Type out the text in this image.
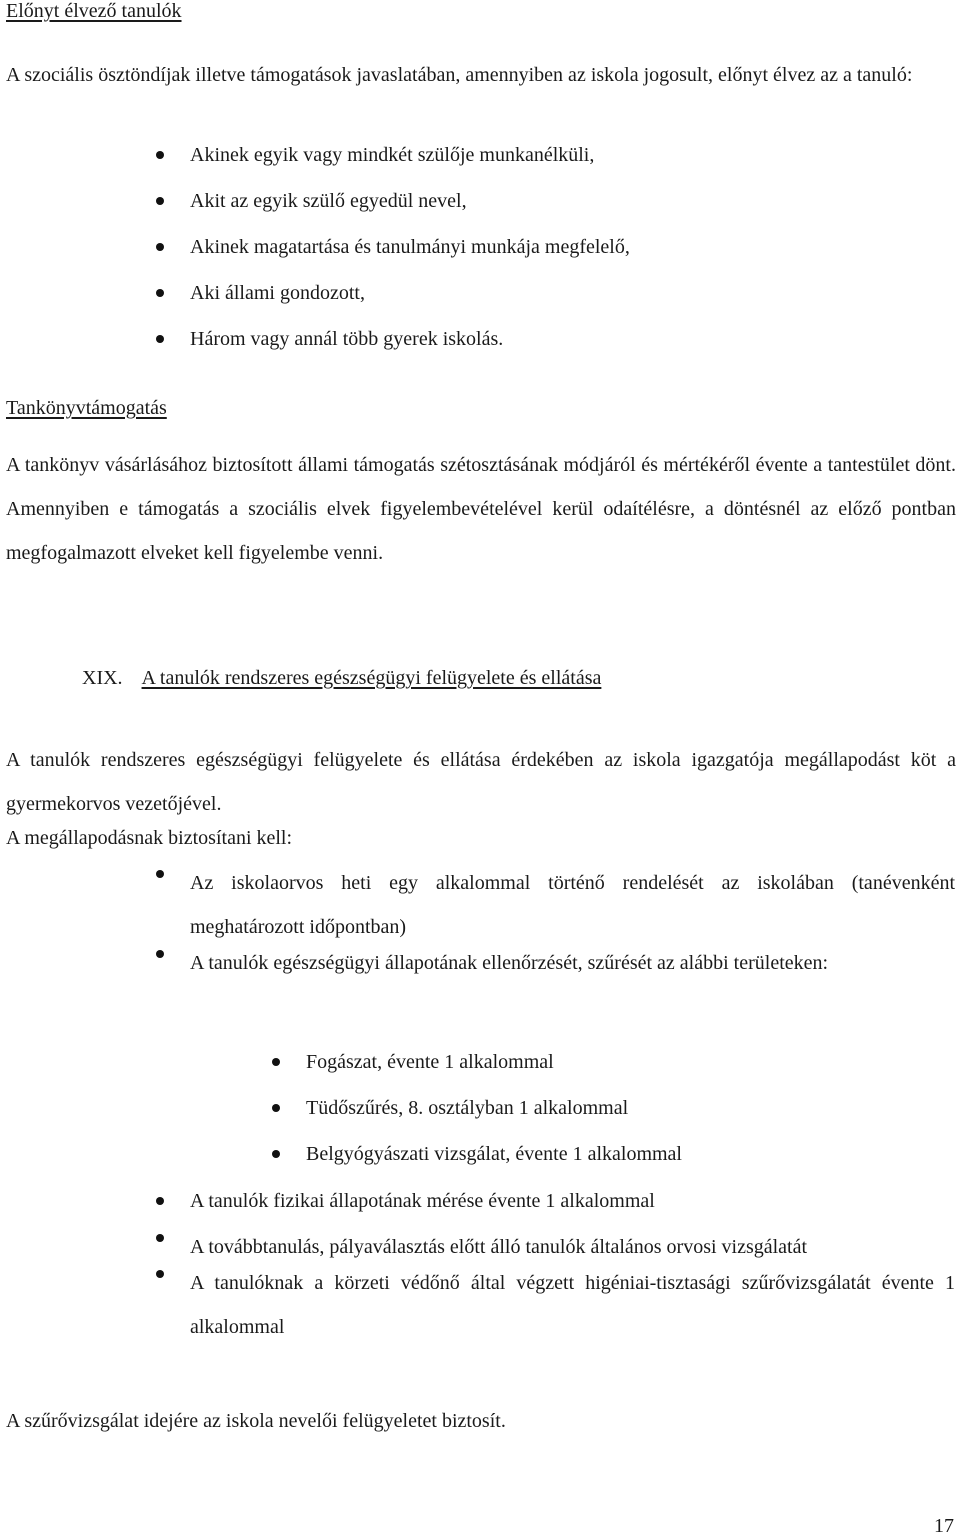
Előnyt élvező tanulók

A szociális ösztöndíjak illetve támogatások javaslatában, amennyiben az iskola jogosult, előnyt élvez az a tanuló:

Akinek egyik vagy mindkét szülője munkanélküli,
Akit az egyik szülő egyedül nevel,
Akinek magatartása és tanulmányi munkája megfelelő,
Aki állami gondozott,
Három vagy annál több gyerek iskolás.
Tankönyvtámogatás

A tankönyv vásárlásához biztosított állami támogatás szétosztásának módjáról és mértékéről évente a tantestület dönt. Amennyiben e támogatás a szociális elvek figyelembevételével kerül odaítélésre, a döntésnél az előző pontban megfogalmazott elveket kell figyelembe venni.

XIX. A tanulók rendszeres egészségügyi felügyelete és ellátása

A tanulók rendszeres egészségügyi felügyelete és ellátása érdekében az iskola igazgatója megállapodást köt a gyermekorvos vezetőjével.

A megállapodásnak biztosítani kell:

Az iskolaorvos heti egy alkalommal történő rendelését az iskolában (tanévenként meghatározott időpontban)
A tanulók egészségügyi állapotának ellenőrzését, szűrését az alábbi területeken:
Fogászat, évente 1 alkalommal
Tüdőszűrés, 8. osztályban 1 alkalommal
Belgyógyászati vizsgálat, évente 1 alkalommal
A tanulók fizikai állapotának mérése évente 1 alkalommal
A továbbtanulás, pályaválasztás előtt álló tanulók általános orvosi vizsgálatát
A tanulóknak a körzeti védőnő által végzett higéniai-tisztasági szűrővizsgálatát évente 1 alkalommal

A szűrővizsgálat idejére az iskola nevelői felügyeletet biztosít.

17
